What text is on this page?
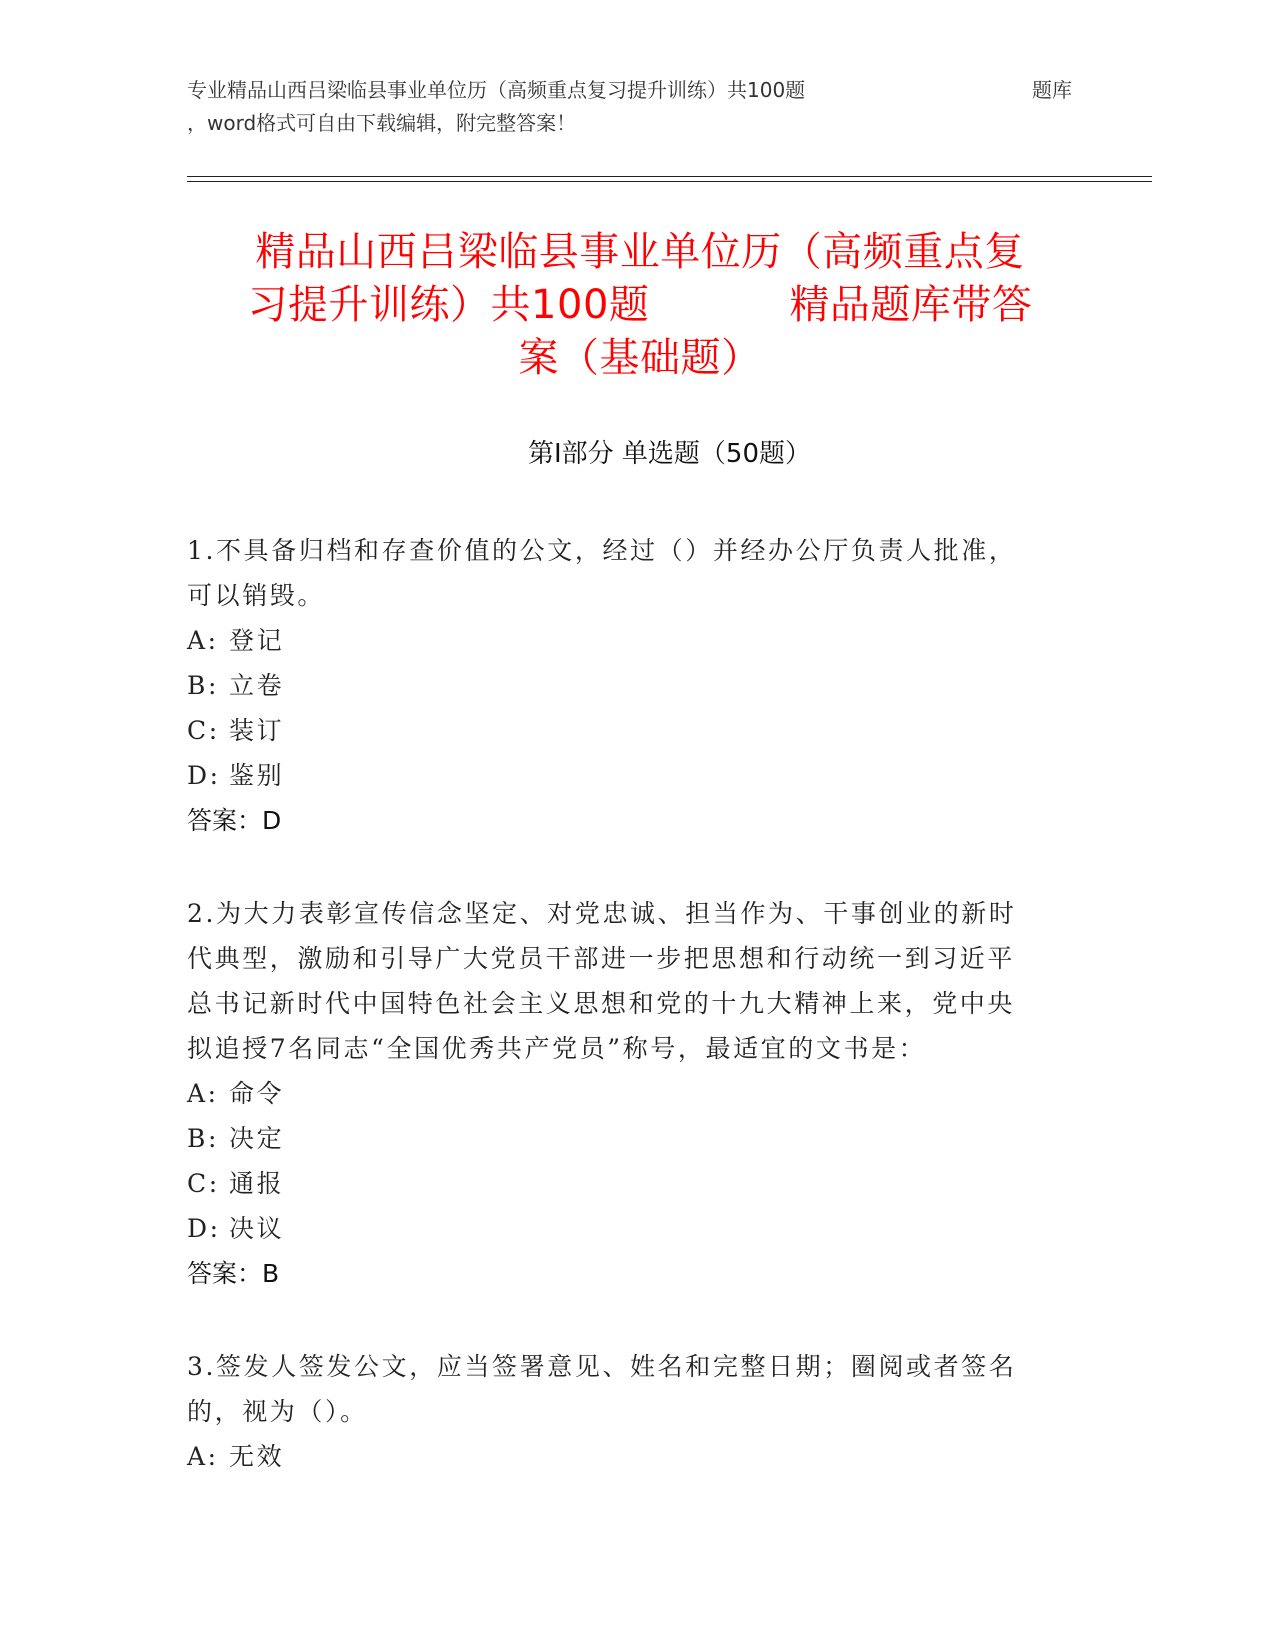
专业精品山西吕梁临县事业单位历（高频重点复习提升训练）共100题	题库
，word格式可自由下载编辑，附完整答案！
精品山西吕梁临县事业单位历（高频重点复
习提升训练）共100题	精品题库带答
案（基础题）
第Ⅰ部分 单选题（50题）
1.不具备归档和存查价值的公文，经过（）并经办公厅负责人批准，
可以销毁。
A: 登记
B: 立卷
C: 装订
D: 鉴别
答案：D
2.为大力表彰宣传信念坚定、对党忠诚、担当作为、干事创业的新时
代典型，激励和引导广大党员干部进一步把思想和行动统一到习近平
总书记新时代中国特色社会主义思想和党的十九大精神上来，党中央
拟追授7名同志“全国优秀共产党员”称号，最适宜的文书是：
A: 命令
B: 决定
C: 通报
D: 决议
答案：B
3.签发人签发公文，应当签署意见、姓名和完整日期；圈阅或者签名
的，视为（）。
A: 无效
